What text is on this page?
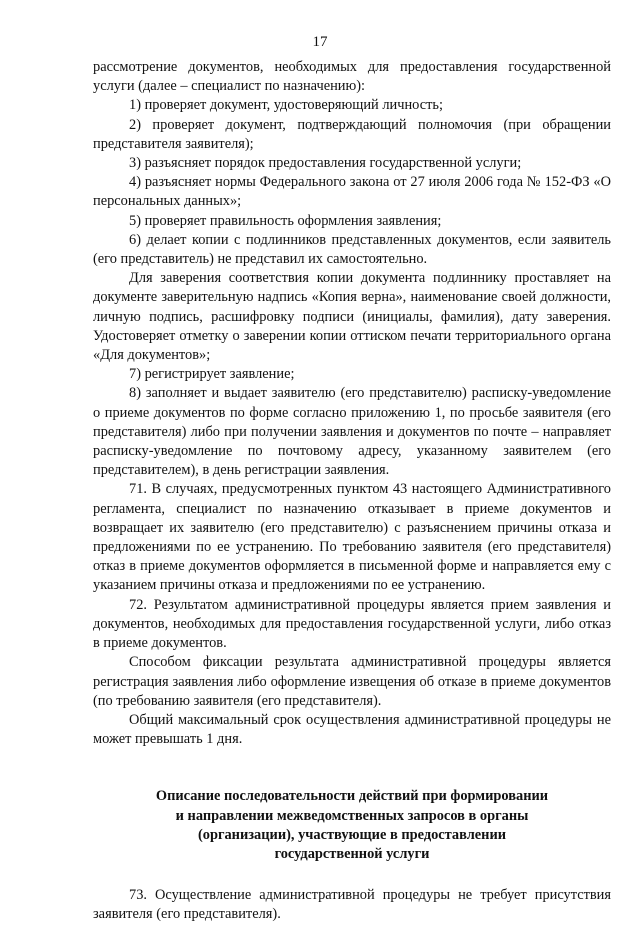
17

рассмотрение документов, необходимых для предоставления государственной услуги (далее – специалист по назначению):

1) проверяет документ, удостоверяющий личность;

2) проверяет документ, подтверждающий полномочия (при обращении представителя заявителя);

3) разъясняет порядок предоставления государственной услуги;

4) разъясняет нормы Федерального закона от 27 июля 2006 года № 152-ФЗ «О персональных данных»;

5) проверяет правильность оформления заявления;

6) делает копии с подлинников представленных документов, если заявитель (его представитель) не представил их самостоятельно.

Для заверения соответствия копии документа подлиннику проставляет на документе заверительную надпись «Копия верна», наименование своей должности, личную подпись, расшифровку подписи (инициалы, фамилия), дату заверения. Удостоверяет отметку о заверении копии оттиском печати территориального органа «Для документов»;

7) регистрирует заявление;

8) заполняет и выдает заявителю (его представителю) расписку-уведомление о приеме документов по форме согласно приложению 1, по просьбе заявителя (его представителя) либо при получении заявления и документов по почте – направляет расписку-уведомление по почтовому адресу, указанному заявителем (его представителем), в день регистрации заявления.

71. В случаях, предусмотренных пунктом 43 настоящего Административного регламента, специалист по назначению отказывает в приеме документов и возвращает их заявителю (его представителю) с разъяснением причины отказа и предложениями по ее устранению. По требованию заявителя (его представителя) отказ в приеме документов оформляется в письменной форме и направляется ему с указанием причины отказа и предложениями по ее устранению.

72. Результатом административной процедуры является прием заявления и документов, необходимых для предоставления государственной услуги, либо отказ в приеме документов.

Способом фиксации результата административной процедуры является регистрация заявления либо оформление извещения об отказе в приеме документов (по требованию заявителя (его представителя).

Общий максимальный срок осуществления административной процедуры не может превышать 1 дня.

Описание последовательности действий при формировании
и направлении межведомственных запросов в органы
(организации), участвующие в предоставлении
государственной услуги

73. Осуществление административной процедуры не требует присутствия заявителя (его представителя).
